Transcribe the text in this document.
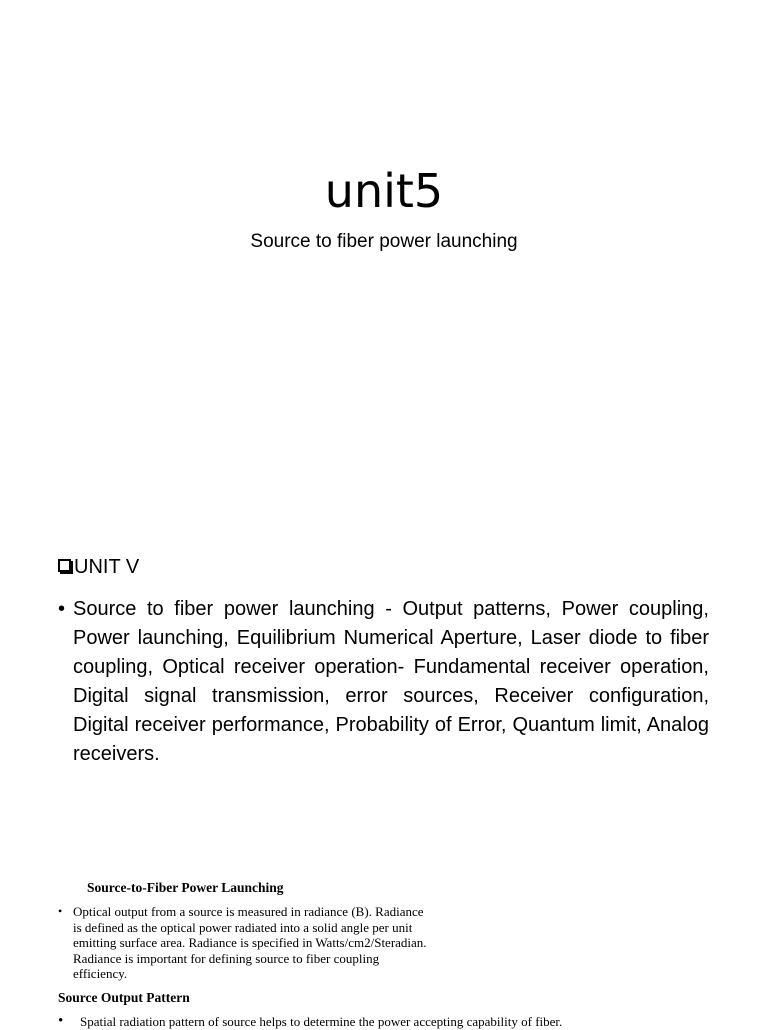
unit5
Source to fiber power launching
UNIT V
• Source to fiber power launching - Output patterns, Power coupling, Power launching, Equilibrium Numerical Aperture, Laser diode to fiber coupling, Optical receiver operation- Fundamental receiver operation, Digital signal transmission, error sources, Receiver configuration, Digital receiver performance, Probability of Error, Quantum limit, Analog receivers.
Source-to-Fiber Power Launching
• Optical output from a source is measured in radiance (B). Radiance is defined as the optical power radiated into a solid angle per unit emitting surface area. Radiance is specified in Watts/cm2/Steradian. Radiance is important for defining source to fiber coupling efficiency.
Source Output Pattern
•	Spatial radiation pattern of source helps to determine the power accepting capability of fiber.
